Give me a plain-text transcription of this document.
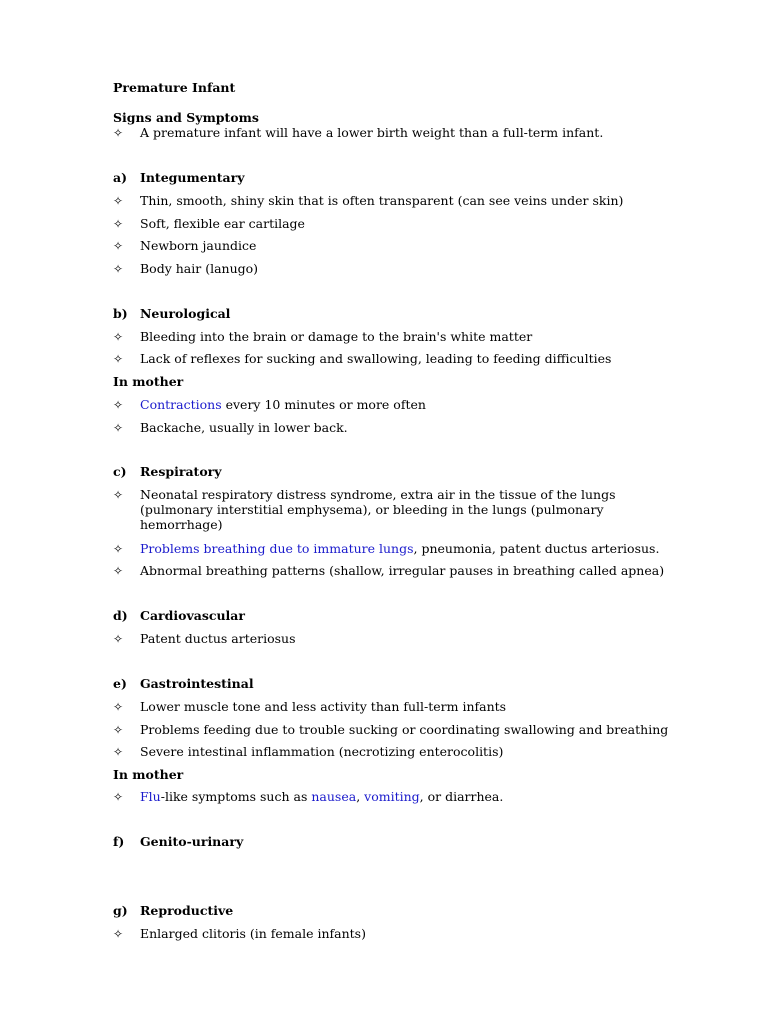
Premature Infant
Signs and Symptoms
✧ A premature infant will have a lower birth weight than a full-term infant.
a) Integumentary
✧ Thin, smooth, shiny skin that is often transparent (can see veins under skin)
✧ Soft, flexible ear cartilage
✧ Newborn jaundice
✧ Body hair (lanugo)
b) Neurological
✧ Bleeding into the brain or damage to the brain's white matter
✧ Lack of reflexes for sucking and swallowing, leading to feeding difficulties
In mother
✧ Contractions every 10 minutes or more often
✧ Backache, usually in lower back.
c) Respiratory
✧ Neonatal respiratory distress syndrome, extra air in the tissue of the lungs (pulmonary interstitial emphysema), or bleeding in the lungs (pulmonary hemorrhage)
✧ Problems breathing due to immature lungs, pneumonia, patent ductus arteriosus.
✧ Abnormal breathing patterns (shallow, irregular pauses in breathing called apnea)
d) Cardiovascular
✧ Patent ductus arteriosus
e) Gastrointestinal
✧ Lower muscle tone and less activity than full-term infants
✧ Problems feeding due to trouble sucking or coordinating swallowing and breathing
✧ Severe intestinal inflammation (necrotizing enterocolitis)
In mother
✧ Flu-like symptoms such as nausea, vomiting, or diarrhea.
f) Genito-urinary
g) Reproductive
✧ Enlarged clitoris (in female infants)
